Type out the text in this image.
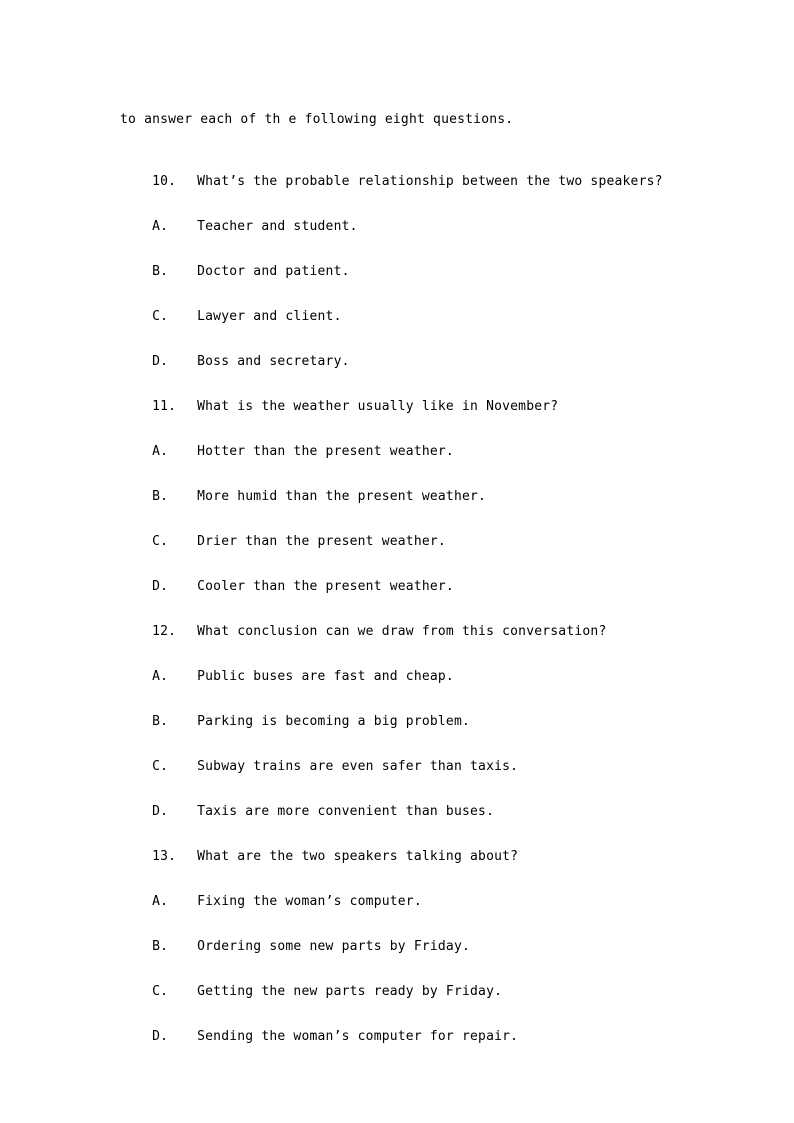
to answer each of th e following eight questions.

10. What’s the probable relationship between the two speakers?

A. Teacher and student.

B. Doctor and patient.

C. Lawyer and client.

D. Boss and secretary.

11. What is the weather usually like in November?

A. Hotter than the present weather.

B. More humid than the present weather.

C. Drier than the present weather.

D. Cooler than the present weather.

12. What conclusion can we draw from this conversation?

A. Public buses are fast and cheap.

B. Parking is becoming a big problem.

C. Subway trains are even safer than taxis.

D. Taxis are more convenient than buses.

13. What are the two speakers talking about?

A. Fixing the woman’s computer.

B. Ordering some new parts by Friday.

C. Getting the new parts ready by Friday.

D. Sending the woman’s computer for repair.
